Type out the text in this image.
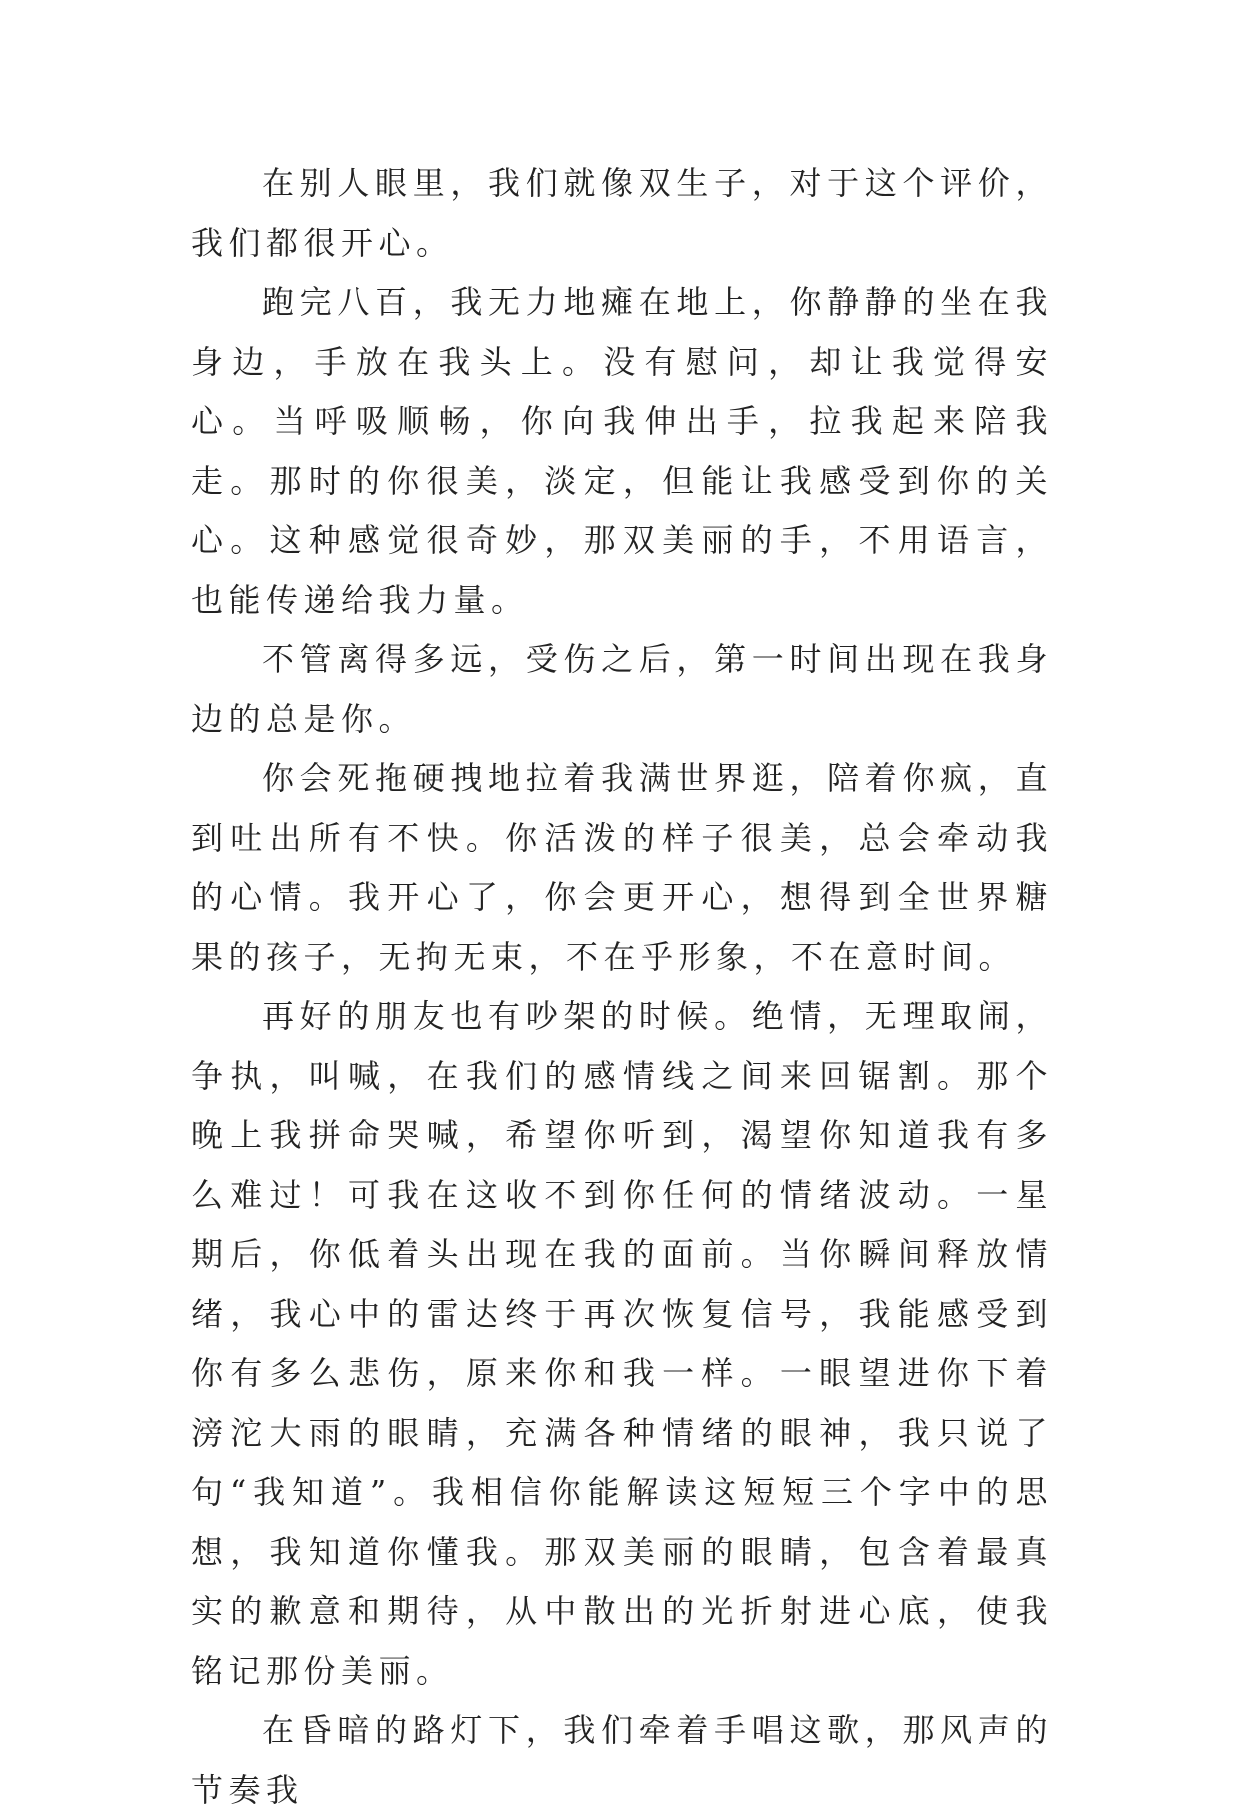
在别人眼里，我们就像双生子，对于这个评价，我们都很开心。

跑完八百，我无力地瘫在地上，你静静的坐在我身边，手放在我头上。没有慰问，却让我觉得安心。当呼吸顺畅，你向我伸出手，拉我起来陪我走。那时的你很美，淡定，但能让我感受到你的关心。这种感觉很奇妙，那双美丽的手，不用语言，也能传递给我力量。

不管离得多远，受伤之后，第一时间出现在我身边的总是你。

你会死拖硬拽地拉着我满世界逛，陪着你疯，直到吐出所有不快。你活泼的样子很美，总会牵动我的心情。我开心了，你会更开心，想得到全世界糖果的孩子，无拘无束，不在乎形象，不在意时间。

再好的朋友也有吵架的时候。绝情，无理取闹，争执，叫喊，在我们的感情线之间来回锯割。那个晚上我拼命哭喊，希望你听到，渴望你知道我有多么难过！可我在这收不到你任何的情绪波动。一星期后，你低着头出现在我的面前。当你瞬间释放情绪，我心中的雷达终于再次恢复信号，我能感受到你有多么悲伤，原来你和我一样。一眼望进你下着滂沱大雨的眼睛，充满各种情绪的眼神，我只说了句“我知道”。我相信你能解读这短短三个字中的思想，我知道你懂我。那双美丽的眼睛，包含着最真实的歉意和期待，从中散出的光折射进心底，使我铭记那份美丽。

在昏暗的路灯下，我们牵着手唱这歌，那风声的节奏我
